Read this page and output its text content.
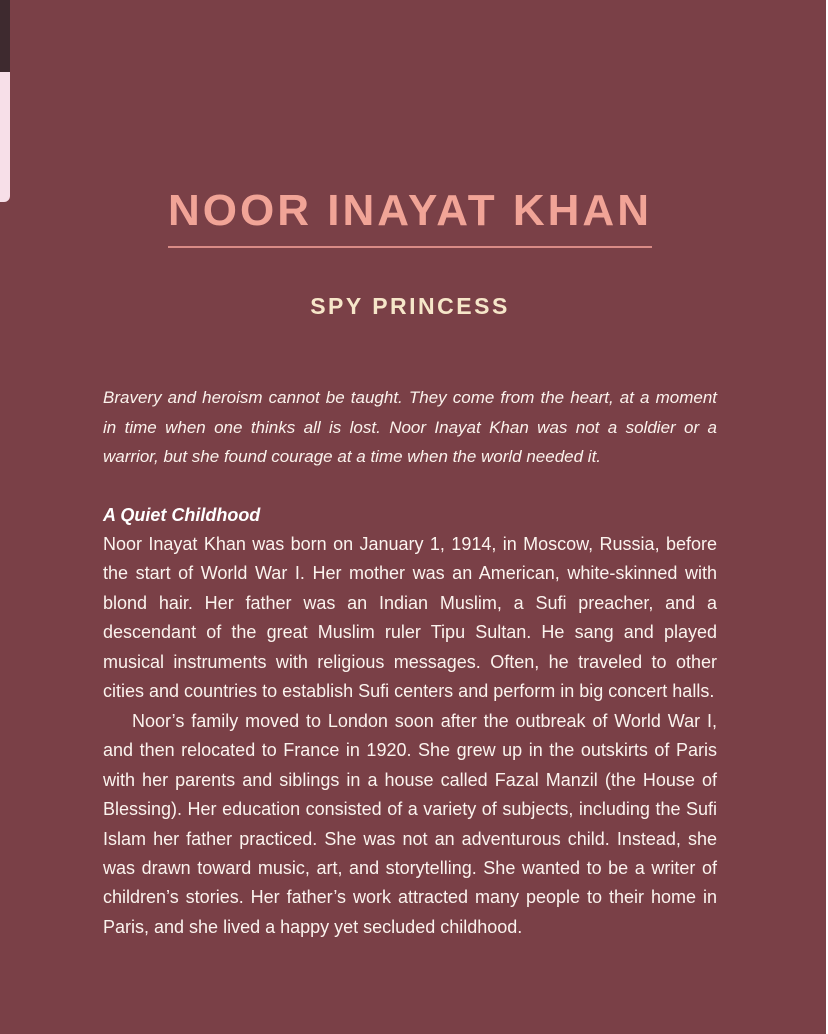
NOOR INAYAT KHAN
SPY PRINCESS

Bravery and heroism cannot be taught. They come from the heart, at a moment in time when one thinks all is lost. Noor Inayat Khan was not a soldier or a warrior, but she found courage at a time when the world needed it.

A Quiet Childhood

Noor Inayat Khan was born on January 1, 1914, in Moscow, Russia, before the start of World War I. Her mother was an American, white-skinned with blond hair. Her father was an Indian Muslim, a Sufi preacher, and a descendant of the great Muslim ruler Tipu Sultan. He sang and played musical instruments with religious messages. Often, he traveled to other cities and countries to establish Sufi centers and perform in big concert halls.

Noor’s family moved to London soon after the outbreak of World War I, and then relocated to France in 1920. She grew up in the outskirts of Paris with her parents and siblings in a house called Fazal Manzil (the House of Blessing). Her education consisted of a variety of subjects, including the Sufi Islam her father practiced. She was not an adventurous child. Instead, she was drawn toward music, art, and storytelling. She wanted to be a writer of children’s stories. Her father’s work attracted many people to their home in Paris, and she lived a happy yet secluded childhood.
